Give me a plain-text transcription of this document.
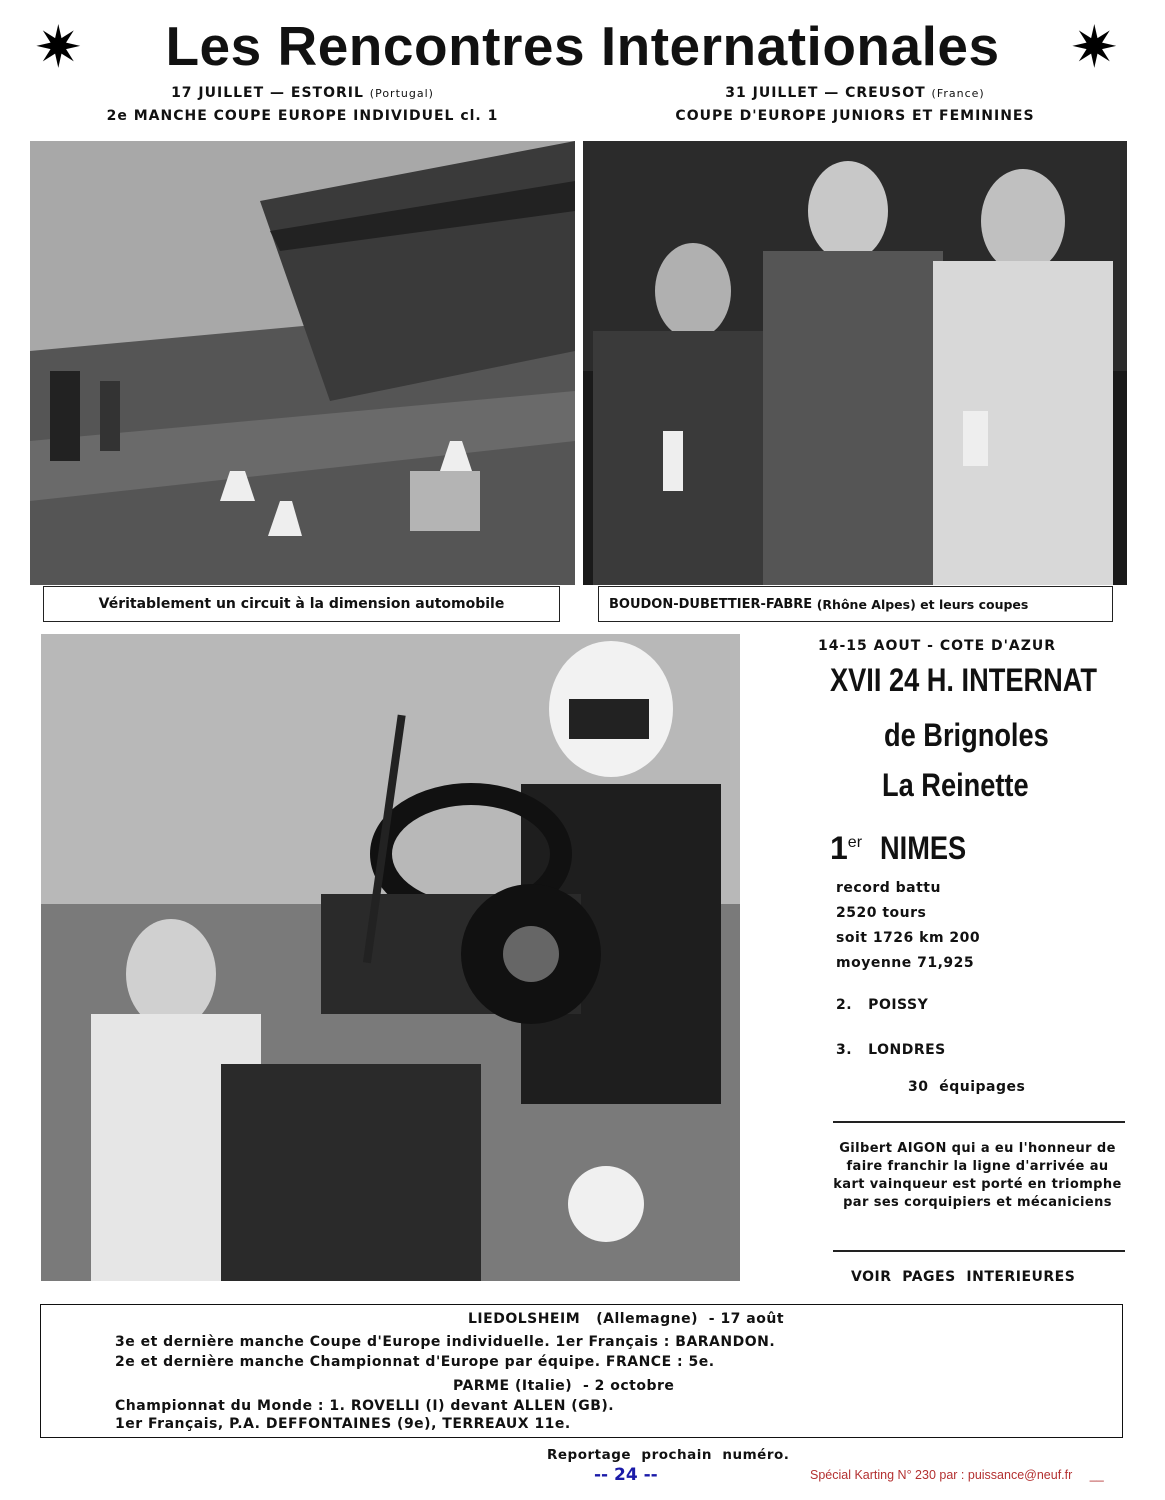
✷	✷
Les Rencontres Internationales
17 JUILLET — ESTORIL (Portugal)
2e MANCHE COUPE EUROPE INDIVIDUEL cl. 1
31 JUILLET — CREUSOT (France)
COUPE D'EUROPE JUNIORS ET FEMININES
Véritablement un circuit à la dimension automobile	BOUDON-DUBETTIER-FABRE
(Rhône Alpes) et leurs coupes
14-15 AOUT - COTE D'AZUR
XVII 24 H. INTERNAT
de Brignoles
La Reinette
1er NIMES
record battu
2520 tours
soit 1726 km 200
moyenne 71,925
2.   POISSY
3.   LONDRES
30  équipages
Gilbert AIGON qui a eu l'honneur de faire franchir la ligne d'arrivée au kart vainqueur est porté en triomphe par ses corquipiers et mécaniciens
VOIR  PAGES  INTERIEURES
LIEDOLSHEIM   (Allemagne)  - 17 août
3e et dernière manche Coupe d'Europe individuelle. 1er Français : BARANDON.
2e et dernière manche Championnat d'Europe par équipe. FRANCE : 5e.
PARME (Italie)  - 2 octobre
Championnat du Monde : 1. ROVELLI (I) devant ALLEN (GB).
1er Français, P.A. DEFFONTAINES (9e), TERREAUX 11e.
Reportage  prochain  numéro.
-- 24 --	Spécial Karting N° 230 par : puissance@neuf.fr __
